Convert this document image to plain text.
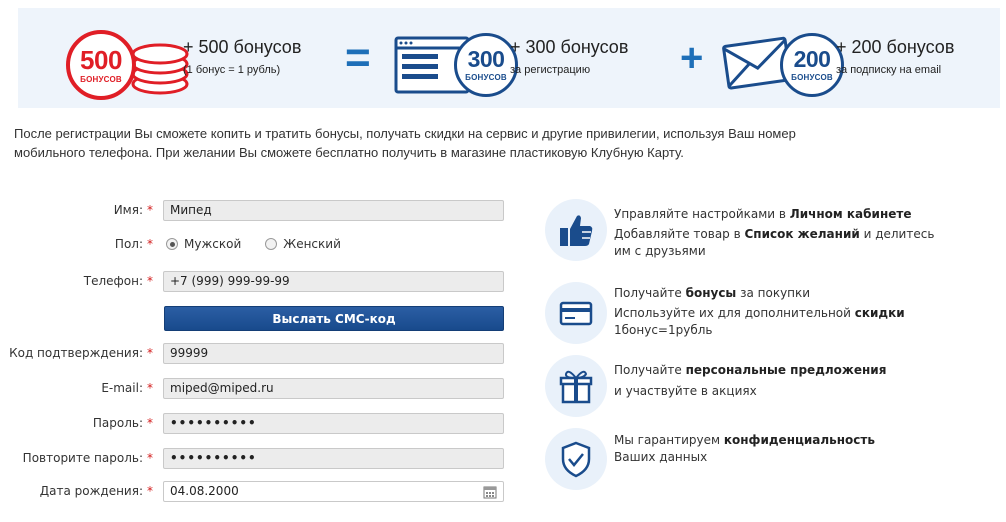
500
БОНУСОВ
+ 500 бонусов
(1 бонус = 1 рубль) =	300
БОНУСОВ
+ 300 бонусов
за регистрацию +	200
БОНУСОВ
+ 200 бонусов
за подписку на email
После регистрации Вы сможете копить и тратить бонусы, получать скидки на сервис и другие привилегии, используя Ваш номер
мобильного телефона. При желании Вы сможете бесплатно получить в магазине пластиковую Клубную Карту.
Имя: *	Мипед
Пол: *	Мужской	Женский
Телефон: *	+7 (999) 999-99-99
Выслать СМС-код
Код подтверждения: *	99999
E-mail: *	miped@miped.ru
Пароль: *	••••••••••
Повторите пароль: *	••••••••••
Дата рождения: *	04.08.2000
Управляйте настройками в Личном кабинете
Добавляйте товар в Список желаний и делитесь
им с друзьями
Получайте бонусы за покупки
Используйте их для дополнительной скидки
1бонус=1рубль
Получайте персональные предложения
и участвуйте в акциях
Мы гарантируем конфиденциальность
Ваших данных
